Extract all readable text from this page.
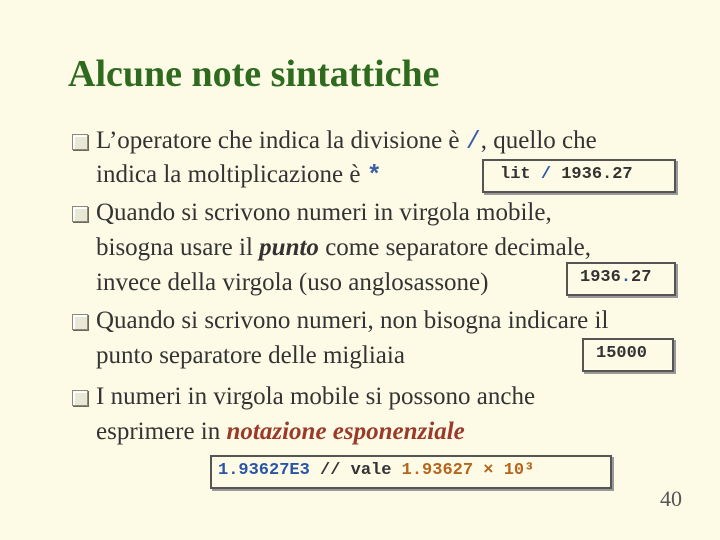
Alcune note sintattiche
L’operatore che indica la divisione è /, quello che
indica la moltiplicazione è *	lit / 1936.27
Quando si scrivono numeri in virgola mobile,
bisogna usare il punto come separatore decimale,
invece della virgola (uso anglosassone)	1936.27
Quando si scrivono numeri, non bisogna indicare il
punto separatore delle migliaia	15000
I numeri in virgola mobile si possono anche
esprimere in notazione esponenziale
1.93627E3 // vale 1.93627 × 10³
40
